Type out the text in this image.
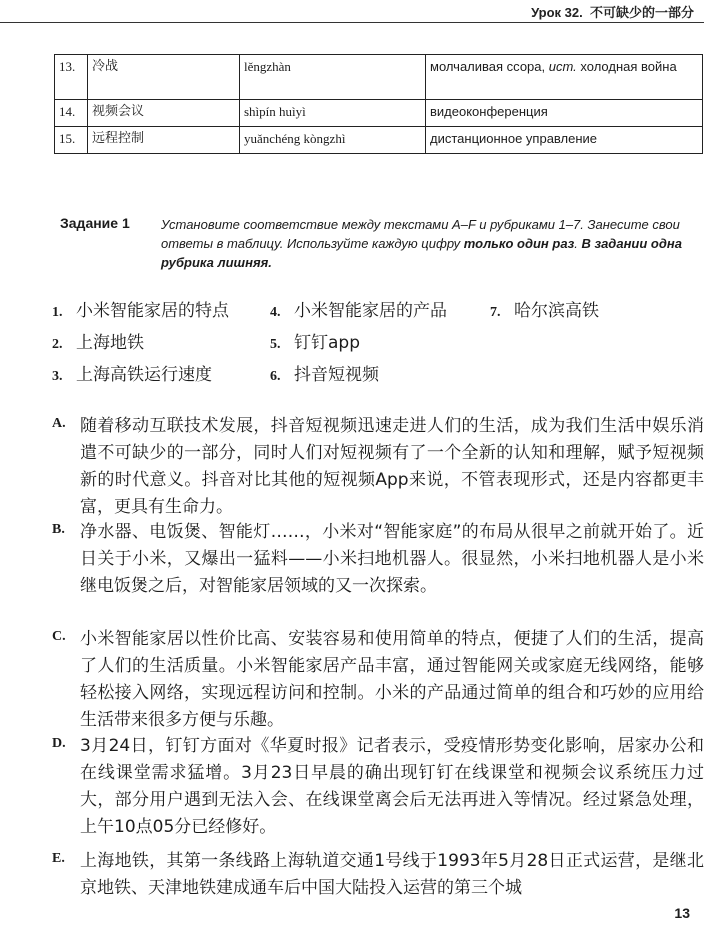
Урок 32. 不可缺少的一部分
13.	冷战	lěngzhàn	молчаливая ссора, ист. холодная война
14.	视频会议	shìpín huìyì	видеоконференция
15.	远程控制	yuǎnchéng kòngzhì	дистанционное управление
Задание 1 Установите соответствие между текстами A–F и рубриками 1–7. Занесите свои ответы в таблицу. Используйте каждую цифру только один раз. В задании одна рубрика лишняя.
1. 小米智能家居的特点
2. 上海地铁
3. 上海高铁运行速度
4. 小米智能家居的产品
5. 钉钉app
6. 抖音短视频
7. 哈尔滨高铁
A. 随着移动互联技术发展，抖音短视频迅速走进人们的生活，成为我们生活中娱乐消遣不可缺少的一部分，同时人们对短视频有了一个全新的认知和理解，赋予短视频新的时代意义。抖音对比其他的短视频App来说，不管表现形式，还是内容都更丰富，更具有生命力。
B. 净水器、电饭煲、智能灯……，小米对“智能家庭”的布局从很早之前就开始了。近日关于小米，又爆出一猛料——小米扫地机器人。很显然，小米扫地机器人是小米继电饭煲之后，对智能家居领域的又一次探索。
C. 小米智能家居以性价比高、安装容易和使用简单的特点，便捷了人们的生活，提高了人们的生活质量。小米智能家居产品丰富，通过智能网关或家庭无线网络，能够轻松接入网络，实现远程访问和控制。小米的产品通过简单的组合和巧妙的应用给生活带来很多方便与乐趣。
D. 3月24日，钉钉方面对《华夏时报》记者表示，受疫情形势变化影响，居家办公和在线课堂需求猛增。3月23日早晨的确出现钉钉在线课堂和视频会议系统压力过大，部分用户遇到无法入会、在线课堂离会后无法再进入等情况。经过紧急处理，上午10点05分已经修好。
E. 上海地铁，其第一条线路上海轨道交通1号线于1993年5月28日正式运营，是继北京地铁、天津地铁建成通车后中国大陆投入运营的第三个城
13
